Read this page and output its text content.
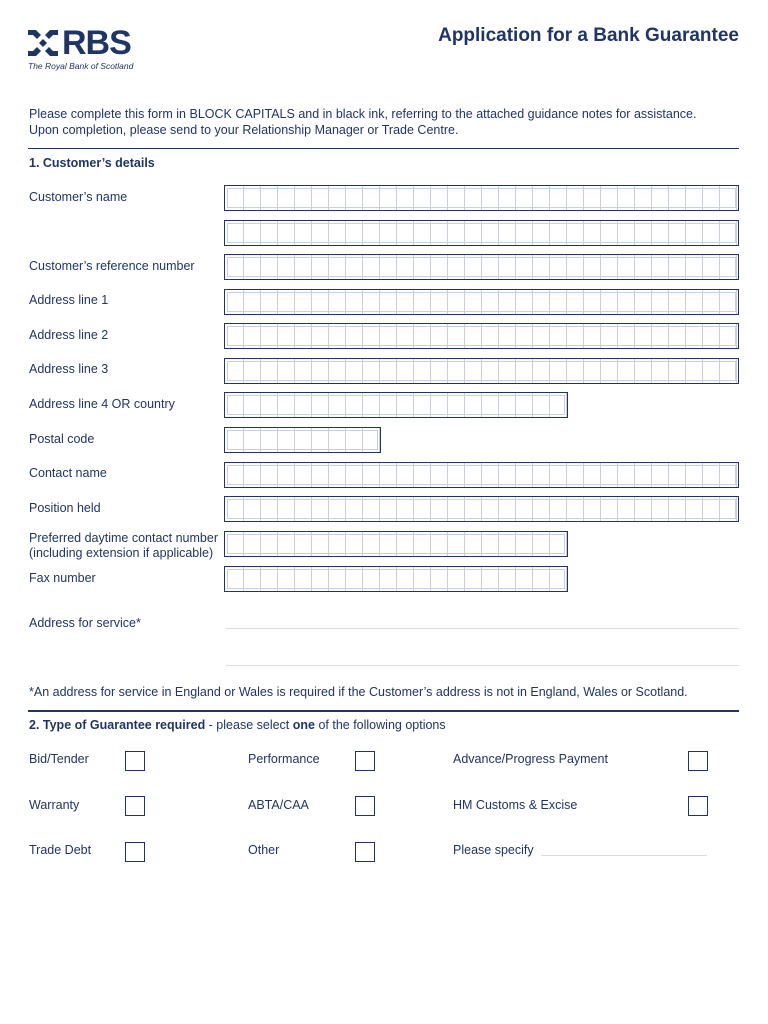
RBS
The Royal Bank of Scotland
Application for a Bank Guarantee
Please complete this form in BLOCK CAPITALS and in black ink, referring to the attached guidance notes for assistance.
Upon completion, please send to your Relationship Manager or Trade Centre.
1. Customer’s details
Customer’s name
Customer’s reference number
Address line 1
Address line 2
Address line 3
Address line 4 OR country
Postal code
Contact name
Position held
Preferred daytime contact number
(including extension if applicable)
Fax number
Address for service*
*An address for service in England or Wales is required if the Customer’s address is not in England, Wales or Scotland.
2. Type of Guarantee required - please select one of the following options
Bid/Tender	Performance	Advance/Progress Payment
Warranty	ABTA/CAA	HM Customs & Excise
Trade Debt	Other	Please specify
